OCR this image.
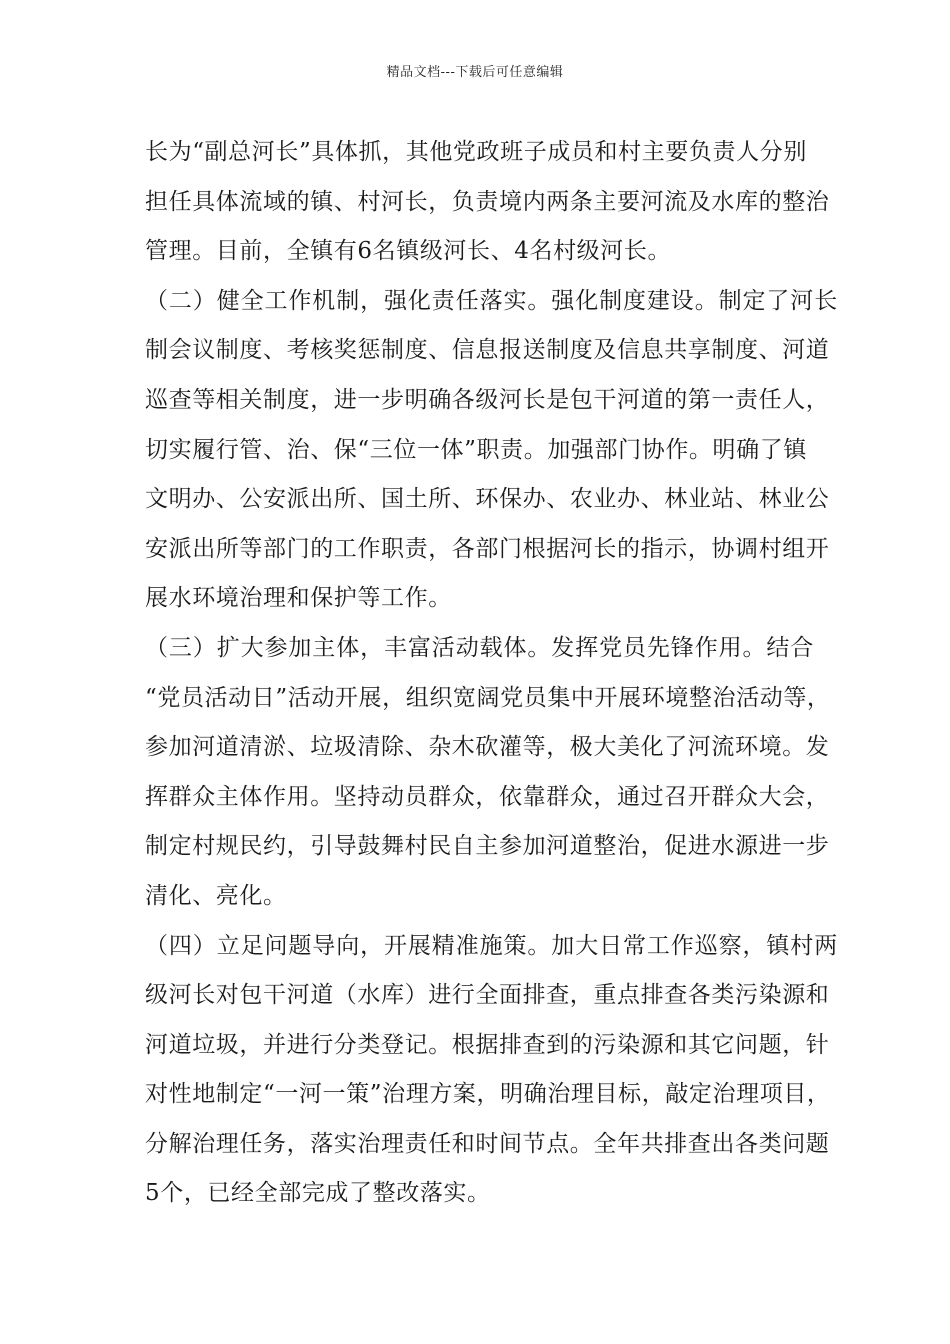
精品文档---下载后可任意编辑
长为“副总河长”具体抓，其他党政班子成员和村主要负责人分别
担任具体流域的镇、村河长，负责境内两条主要河流及水库的整治
管理。目前，全镇有6名镇级河长、4名村级河长。
（二）健全工作机制，强化责任落实。强化制度建设。制定了河长
制会议制度、考核奖惩制度、信息报送制度及信息共享制度、河道
巡查等相关制度，进一步明确各级河长是包干河道的第一责任人，
切实履行管、治、保“三位一体”职责。加强部门协作。明确了镇
文明办、公安派出所、国土所、环保办、农业办、林业站、林业公
安派出所等部门的工作职责，各部门根据河长的指示，协调村组开
展水环境治理和保护等工作。
（三）扩大参加主体，丰富活动载体。发挥党员先锋作用。结合
“党员活动日”活动开展，组织宽阔党员集中开展环境整治活动等，
参加河道清淤、垃圾清除、杂木砍灌等，极大美化了河流环境。发
挥群众主体作用。坚持动员群众，依靠群众，通过召开群众大会，
制定村规民约，引导鼓舞村民自主参加河道整治，促进水源进一步
清化、亮化。
（四）立足问题导向，开展精准施策。加大日常工作巡察，镇村两
级河长对包干河道（水库）进行全面排查，重点排查各类污染源和
河道垃圾，并进行分类登记。根据排查到的污染源和其它问题，针
对性地制定“一河一策”治理方案，明确治理目标，敲定治理项目，
分解治理任务，落实治理责任和时间节点。全年共排查出各类问题
5个，已经全部完成了整改落实。
